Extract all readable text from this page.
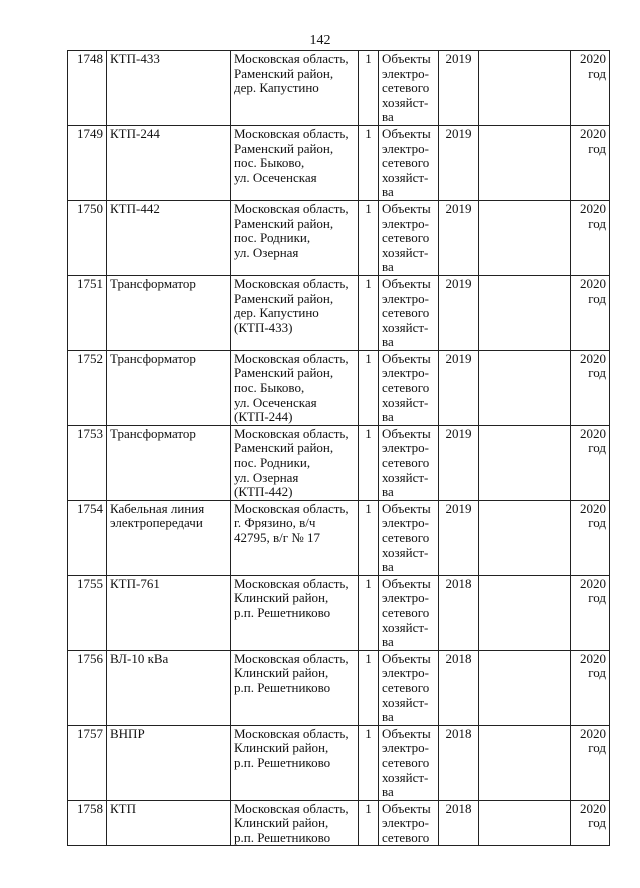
142
1748	КТП-433	Московская область,
Раменский район,
дер. Капустино	1	Объекты
электро-
сетевого
хозяйст-
ва	2019		2020
год
1749	КТП-244	Московская область,
Раменский район,
пос. Быково,
ул. Осеченская	1	Объекты
электро-
сетевого
хозяйст-
ва	2019		2020
год
1750	КТП-442	Московская область,
Раменский район,
пос. Родники,
ул. Озерная	1	Объекты
электро-
сетевого
хозяйст-
ва	2019		2020
год
1751	Трансформатор	Московская область,
Раменский район,
дер. Капустино
(КТП-433)	1	Объекты
электро-
сетевого
хозяйст-
ва	2019		2020
год
1752	Трансформатор	Московская область,
Раменский район,
пос. Быково,
ул. Осеченская
(КТП-244)	1	Объекты
электро-
сетевого
хозяйст-
ва	2019		2020
год
1753	Трансформатор	Московская область,
Раменский район,
пос. Родники,
ул. Озерная
(КТП-442)	1	Объекты
электро-
сетевого
хозяйст-
ва	2019		2020
год
1754	Кабельная линия
электропередачи	Московская область,
г. Фрязино, в/ч
42795, в/г № 17	1	Объекты
электро-
сетевого
хозяйст-
ва	2019		2020
год
1755	КТП-761	Московская область,
Клинский район,
р.п. Решетниково	1	Объекты
электро-
сетевого
хозяйст-
ва	2018		2020
год
1756	ВЛ-10 кВа	Московская область,
Клинский район,
р.п. Решетниково	1	Объекты
электро-
сетевого
хозяйст-
ва	2018		2020
год
1757	ВНПР	Московская область,
Клинский район,
р.п. Решетниково	1	Объекты
электро-
сетевого
хозяйст-
ва	2018		2020
год
1758	КТП	Московская область,
Клинский район,
р.п. Решетниково	1	Объекты
электро-
сетевого	2018		2020
год
